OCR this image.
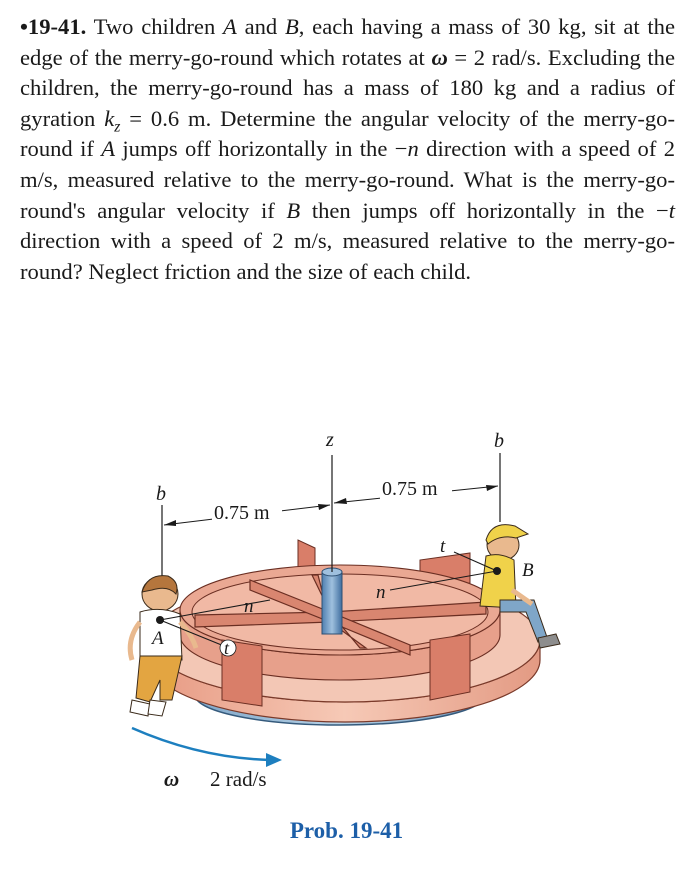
•19-41. Two children A and B, each having a mass of 30 kg, sit at the edge of the merry-go-round which rotates at ω = 2 rad/s. Excluding the children, the merry-go-round has a mass of 180 kg and a radius of gyration $k_z = 0.6$ m. Determine the angular velocity of the merry-go-round if A jumps off horizontally in the −n direction with a speed of 2 m/s, measured relative to the merry-go-round. What is the merry-go-round's angular velocity if B then jumps off horizontally in the −t direction with a speed of 2 m/s, measured relative to the merry-go-round? Neglect friction and the size of each child.
z
b
b
0.75 m
0.75 m
A
n
t
B
n
t
ω 2 rad/s
Prob. 19-41
